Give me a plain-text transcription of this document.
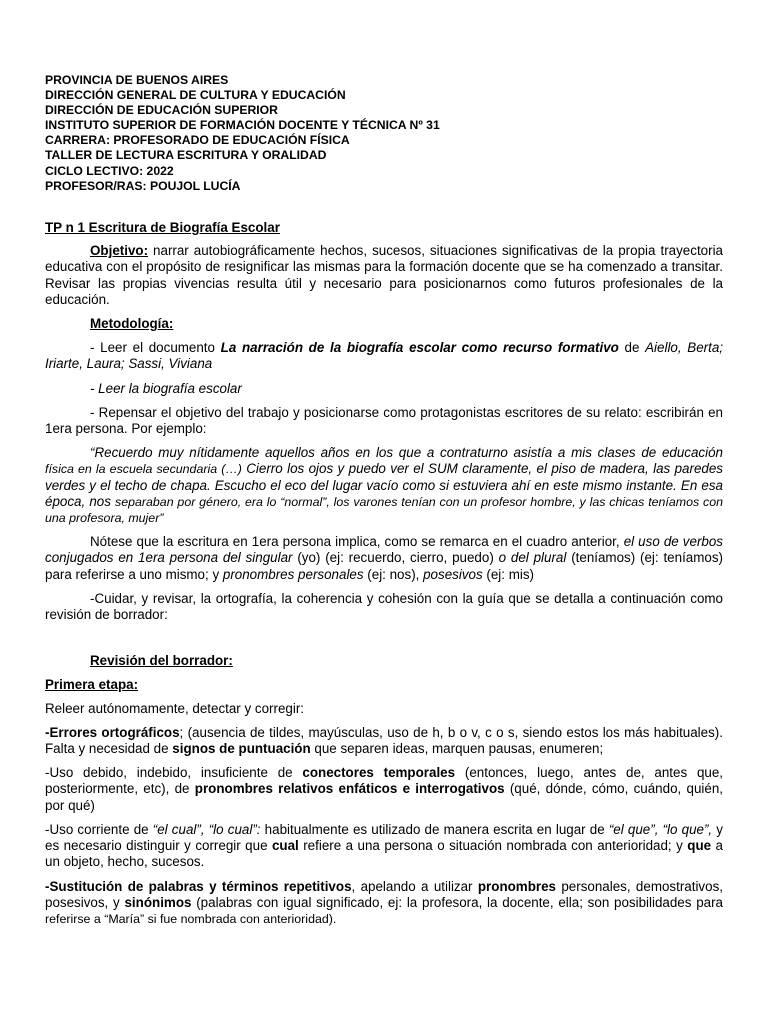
PROVINCIA DE BUENOS AIRES
DIRECCIÓN GENERAL DE CULTURA Y EDUCACIÓN
DIRECCIÓN DE EDUCACIÓN SUPERIOR
INSTITUTO SUPERIOR DE FORMACIÓN DOCENTE Y TÉCNICA Nº 31
CARRERA: PROFESORADO DE EDUCACIÓN FÍSICA
TALLER DE LECTURA ESCRITURA Y ORALIDAD
CICLO LECTIVO: 2022
PROFESOR/RAS: POUJOL LUCÍA
TP n 1 Escritura de Biografía Escolar

Objetivo: narrar autobiográficamente hechos, sucesos, situaciones significativas de la propia trayectoria educativa con el propósito de resignificar las mismas para la formación docente que se ha comenzado a transitar. Revisar las propias vivencias resulta útil y necesario para posicionarnos como futuros profesionales de la educación.

Metodología:

- Leer el documento La narración de la biografía escolar como recurso formativo de Aiello, Berta; Iriarte, Laura; Sassi, Viviana

- Leer la biografía escolar

- Repensar el objetivo del trabajo y posicionarse como protagonistas escritores de su relato: escribirán en 1era persona. Por ejemplo:

“Recuerdo muy nítidamente aquellos años en los que a contraturno asistía a mis clases de educación física en la escuela secundaria (…) Cierro los ojos y puedo ver el SUM claramente, el piso de madera, las paredes verdes y el techo de chapa. Escucho el eco del lugar vacío como si estuviera ahí en este mismo instante. En esa época, nos separaban por género, era lo “normal”, los varones tenían con un profesor hombre, y las chicas teníamos con una profesora, mujer”

Nótese que la escritura en 1era persona implica, como se remarca en el cuadro anterior, el uso de verbos conjugados en 1era persona del singular (yo) (ej: recuerdo, cierro, puedo) o del plural (teníamos) (ej: teníamos) para referirse a uno mismo; y pronombres personales (ej: nos), posesivos (ej: mis)

-Cuidar, y revisar, la ortografía, la coherencia y cohesión con la guía que se detalla a continuación como revisión de borrador:

Revisión del borrador:

Primera etapa:

Releer autónomamente, detectar y corregir:

-Errores ortográficos; (ausencia de tildes, mayúsculas, uso de h, b o v, c o s, siendo estos los más habituales). Falta y necesidad de signos de puntuación que separen ideas, marquen pausas, enumeren;

-Uso debido, indebido, insuficiente de conectores temporales (entonces, luego, antes de, antes que, posteriormente, etc), de pronombres relativos enfáticos e interrogativos (qué, dónde, cómo, cuándo, quién, por qué)

-Uso corriente de “el cual”, “lo cual”: habitualmente es utilizado de manera escrita en lugar de “el que”, “lo que”, y es necesario distinguir y corregir que cual refiere a una persona o situación nombrada con anterioridad; y que a un objeto, hecho, sucesos.

-Sustitución de palabras y términos repetitivos, apelando a utilizar pronombres personales, demostrativos, posesivos, y sinónimos (palabras con igual significado, ej: la profesora, la docente, ella; son posibilidades para referirse a “María” si fue nombrada con anterioridad).
